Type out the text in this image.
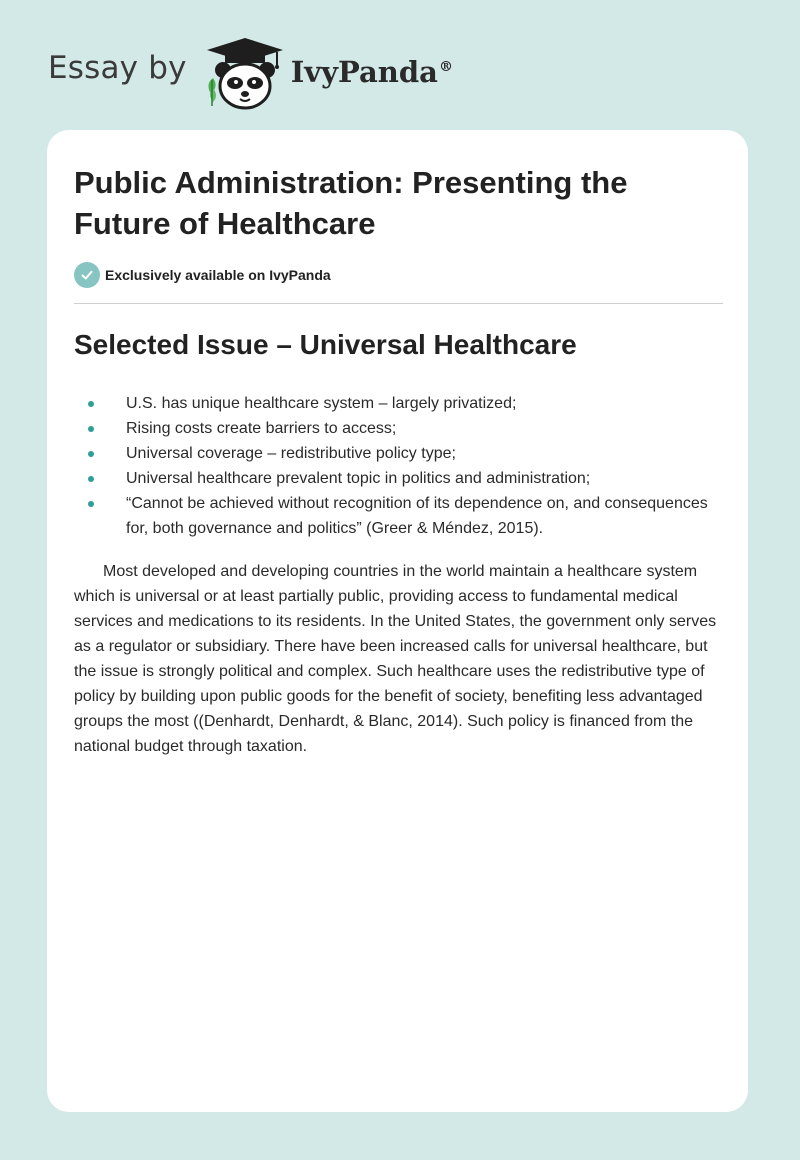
Essay by	IvyPanda®
Public Administration: Presenting the Future of Healthcare
Exclusively available on IvyPanda
Selected Issue – Universal Healthcare
U.S. has unique healthcare system – largely privatized;
Rising costs create barriers to access;
Universal coverage – redistributive policy type;
Universal healthcare prevalent topic in politics and administration;
“Cannot be achieved without recognition of its dependence on, and consequences for, both governance and politics” (Greer & Méndez, 2015).

Most developed and developing countries in the world maintain a healthcare system which is universal or at least partially public, providing access to fundamental medical services and medications to its residents. In the United States, the government only serves as a regulator or subsidiary. There have been increased calls for universal healthcare, but the issue is strongly political and complex. Such healthcare uses the redistributive type of policy by building upon public goods for the benefit of society, benefiting less advantaged groups the most ((Denhardt, Denhardt, & Blanc, 2014). Such policy is financed from the national budget through taxation.
